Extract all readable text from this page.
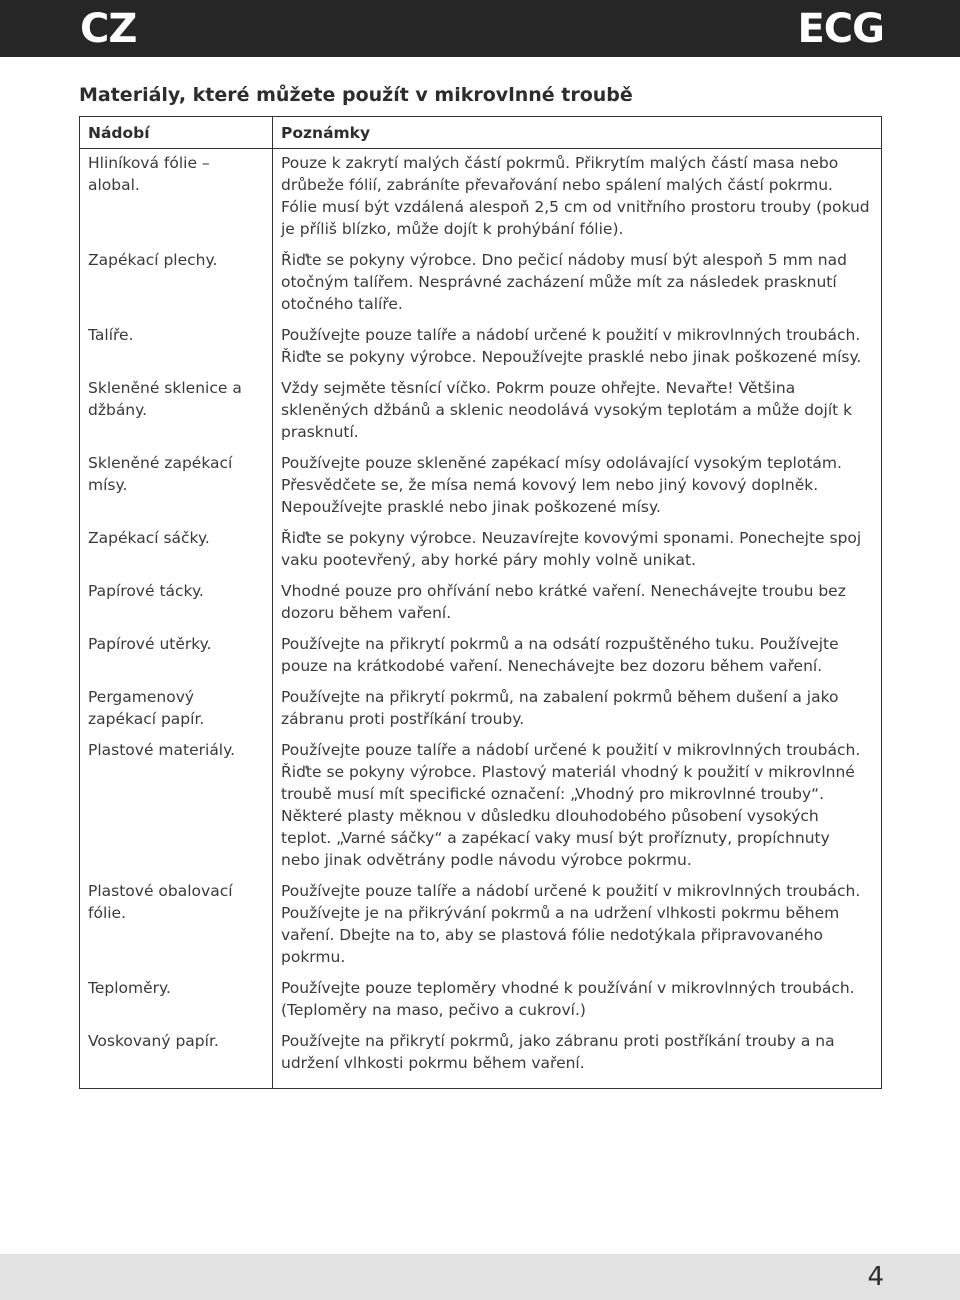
CZ	ECG
Materiály, které můžete použít v mikrovlnné troubě
Nádobí	Poznámky
Hliníková fólie – alobal.	Pouze k zakrytí malých částí pokrmů. Přikrytím malých částí masa nebo drůbeže fólií, zabráníte převařování nebo spálení malých částí pokrmu. Fólie musí být vzdálená alespoň 2,5 cm od vnitřního prostoru trouby (pokud je příliš blízko, může dojít k prohýbání fólie).
Zapékací plechy.	Řiďte se pokyny výrobce. Dno pečicí nádoby musí být alespoň 5 mm nad otočným talířem. Nesprávné zacházení může mít za následek prasknutí otočného talíře.
Talíře.	Používejte pouze talíře a nádobí určené k použití v mikrovlnných troubách. Řiďte se pokyny výrobce. Nepoužívejte prasklé nebo jinak poškozené mísy.
Skleněné sklenice a džbány.	Vždy sejměte těsnící víčko. Pokrm pouze ohřejte. Nevařte! Většina skleněných džbánů a sklenic neodolává vysokým teplotám a může dojít k prasknutí.
Skleněné zapékací mísy.	Používejte pouze skleněné zapékací mísy odolávající vysokým teplotám. Přesvědčete se, že mísa nemá kovový lem nebo jiný kovový doplněk. Nepoužívejte prasklé nebo jinak poškozené mísy.
Zapékací sáčky.	Řiďte se pokyny výrobce. Neuzavírejte kovovými sponami. Ponechejte spoj vaku pootevřený, aby horké páry mohly volně unikat.
Papírové tácky.	Vhodné pouze pro ohřívání nebo krátké vaření. Nenechávejte troubu bez dozoru během vaření.
Papírové utěrky.	Používejte na přikrytí pokrmů a na odsátí rozpuštěného tuku. Používejte pouze na krátkodobé vaření. Nenechávejte bez dozoru během vaření.
Pergamenový zapékací papír.	Používejte na přikrytí pokrmů, na zabalení pokrmů během dušení a jako zábranu proti postříkání trouby.
Plastové materiály.	Používejte pouze talíře a nádobí určené k použití v mikrovlnných troubách. Řiďte se pokyny výrobce. Plastový materiál vhodný k použití v mikrovlnné troubě musí mít specifické označení: „Vhodný pro mikrovlnné trouby“. Některé plasty měknou v důsledku dlouhodobého působení vysokých teplot. „Varné sáčky“ a zapékací vaky musí být proříznuty, propíchnuty nebo jinak odvětrány podle návodu výrobce pokrmu.
Plastové obalovací fólie.	Používejte pouze talíře a nádobí určené k použití v mikrovlnných troubách. Používejte je na přikrývání pokrmů a na udržení vlhkosti pokrmu během vaření. Dbejte na to, aby se plastová fólie nedotýkala připravovaného pokrmu.
Teploměry.	Používejte pouze teploměry vhodné k používání v mikrovlnných troubách. (Teploměry na maso, pečivo a cukroví.)
Voskovaný papír.	Používejte na přikrytí pokrmů, jako zábranu proti postříkání trouby a na udržení vlhkosti pokrmu během vaření.
4
